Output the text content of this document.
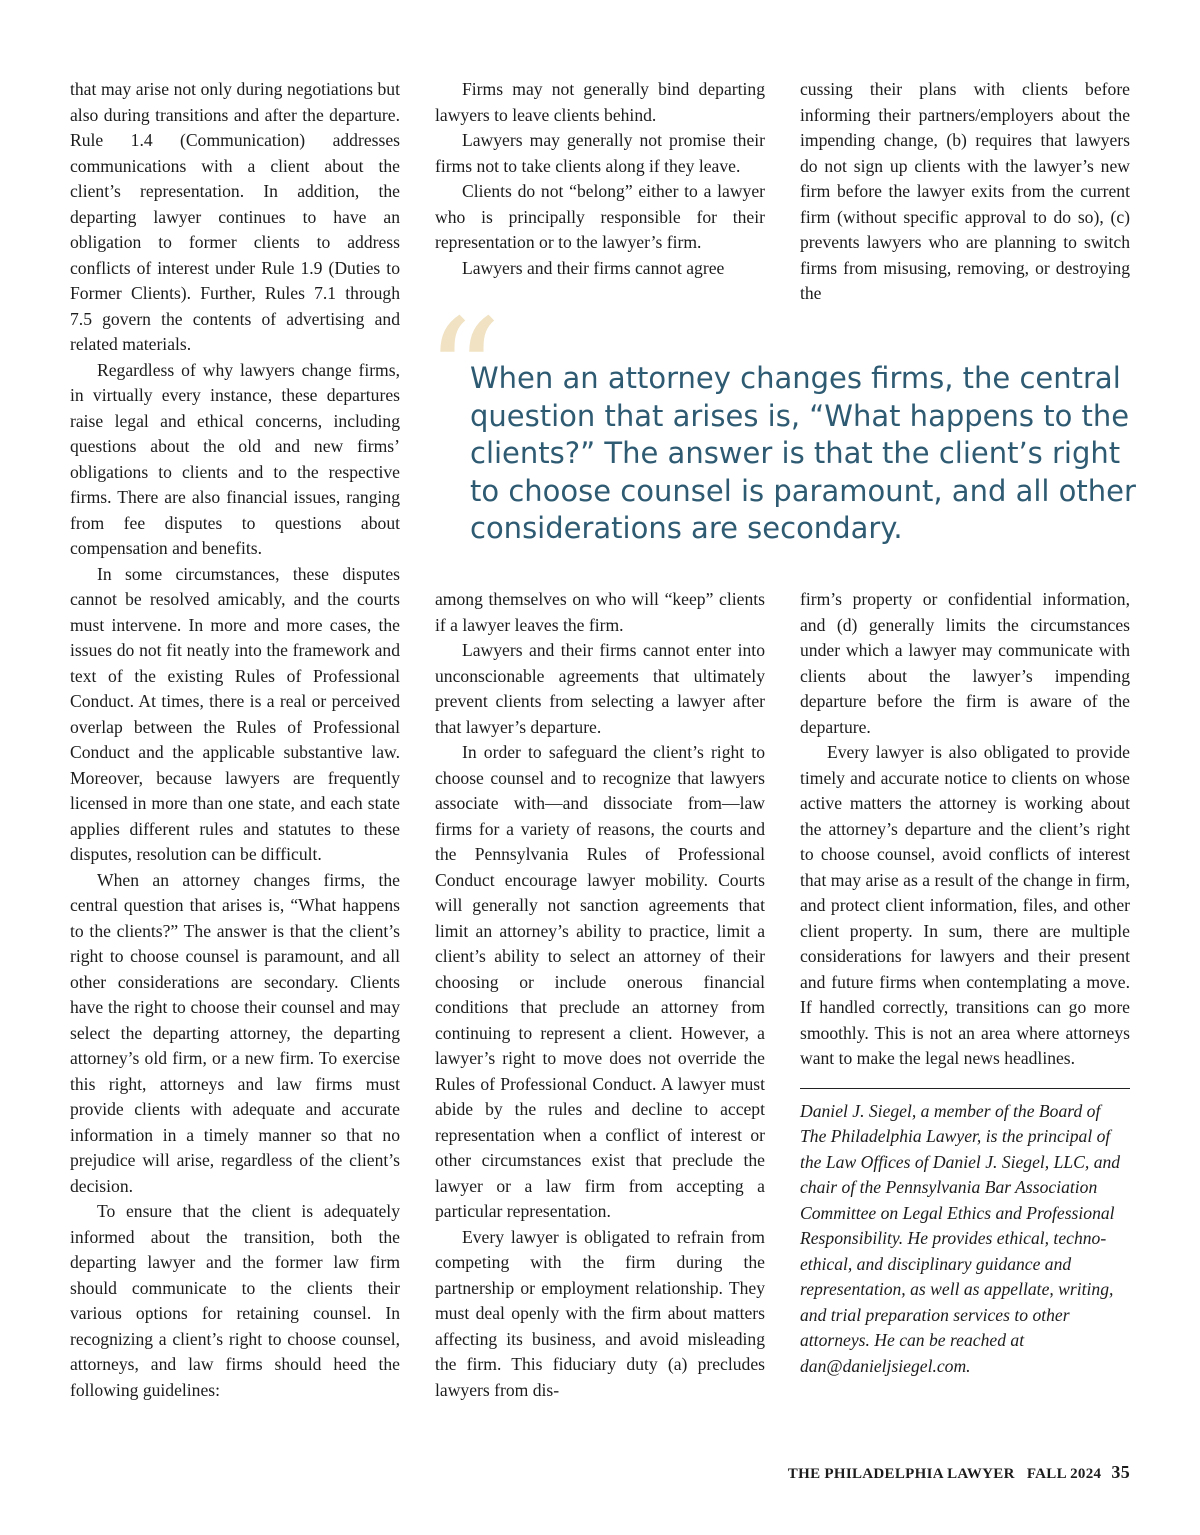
that may arise not only during negotiations but also during transitions and after the departure. Rule 1.4 (Communication) addresses communications with a client about the client’s representation. In addition, the departing lawyer continues to have an obligation to former clients to address conflicts of interest under Rule 1.9 (Duties to Former Clients). Further, Rules 7.1 through 7.5 govern the contents of advertising and related materials.

Regardless of why lawyers change firms, in virtually every instance, these departures raise legal and ethical concerns, including questions about the old and new firms’ obligations to clients and to the respective firms. There are also financial issues, ranging from fee disputes to questions about compensation and benefits.

In some circumstances, these disputes cannot be resolved amicably, and the courts must intervene. In more and more cases, the issues do not fit neatly into the framework and text of the existing Rules of Professional Conduct. At times, there is a real or perceived overlap between the Rules of Professional Conduct and the applicable substantive law. Moreover, because lawyers are frequently licensed in more than one state, and each state applies different rules and statutes to these disputes, resolution can be difficult.

When an attorney changes firms, the central question that arises is, “What happens to the clients?” The answer is that the client’s right to choose counsel is paramount, and all other considerations are secondary. Clients have the right to choose their counsel and may select the departing attorney, the departing attorney’s old firm, or a new firm. To exercise this right, attorneys and law firms must provide clients with adequate and accurate information in a timely manner so that no prejudice will arise, regardless of the client’s decision.

To ensure that the client is adequately informed about the transition, both the departing lawyer and the former law firm should communicate to the clients their various options for retaining counsel. In recognizing a client’s right to choose counsel, attorneys, and law firms should heed the following guidelines:

Firms may not generally bind departing lawyers to leave clients behind.

Lawyers may generally not promise their firms not to take clients along if they leave.

Clients do not “belong” either to a lawyer who is principally responsible for their representation or to the lawyer’s firm.

Lawyers and their firms cannot agree

cussing their plans with clients before informing their partners/employers about the impending change, (b) requires that lawyers do not sign up clients with the lawyer’s new firm before the lawyer exits from the current firm (without specific approval to do so), (c) prevents lawyers who are planning to switch firms from misusing, removing, or destroying the

“
When an attorney changes firms, the central question that arises is, “What happens to the clients?” The answer is that the client’s right to choose counsel is paramount, and all other considerations are secondary.

among themselves on who will “keep” clients if a lawyer leaves the firm.

Lawyers and their firms cannot enter into unconscionable agreements that ultimately prevent clients from selecting a lawyer after that lawyer’s departure.

In order to safeguard the client’s right to choose counsel and to recognize that lawyers associate with—and dissociate from—law firms for a variety of reasons, the courts and the Pennsylvania Rules of Professional Conduct encourage lawyer mobility. Courts will generally not sanction agreements that limit an attorney’s ability to practice, limit a client’s ability to select an attorney of their choosing or include onerous financial conditions that preclude an attorney from continuing to represent a client. However, a lawyer’s right to move does not override the Rules of Professional Conduct. A lawyer must abide by the rules and decline to accept representation when a conflict of interest or other circumstances exist that preclude the lawyer or a law firm from accepting a particular representation.

Every lawyer is obligated to refrain from competing with the firm during the partnership or employment relationship. They must deal openly with the firm about matters affecting its business, and avoid misleading the firm. This fiduciary duty (a) precludes lawyers from dis-

firm’s property or confidential information, and (d) generally limits the circumstances under which a lawyer may communicate with clients about the lawyer’s impending departure before the firm is aware of the departure.

Every lawyer is also obligated to provide timely and accurate notice to clients on whose active matters the attorney is working about the attorney’s departure and the client’s right to choose counsel, avoid conflicts of interest that may arise as a result of the change in firm, and protect client information, files, and other client property. In sum, there are multiple considerations for lawyers and their present and future firms when contemplating a move. If handled correctly, transitions can go more smoothly. This is not an area where attorneys want to make the legal news headlines.

Daniel J. Siegel, a member of the Board of The Philadelphia Lawyer, is the principal of the Law Offices of Daniel J. Siegel, LLC, and chair of the Pennsylvania Bar Association Committee on Legal Ethics and Professional Responsibility. He provides ethical, techno-ethical, and disciplinary guidance and representation, as well as appellate, writing, and trial preparation services to other attorneys. He can be reached at dan@danieljsiegel.com.

THE PHILADELPHIA LAWYER FALL 2024 35
